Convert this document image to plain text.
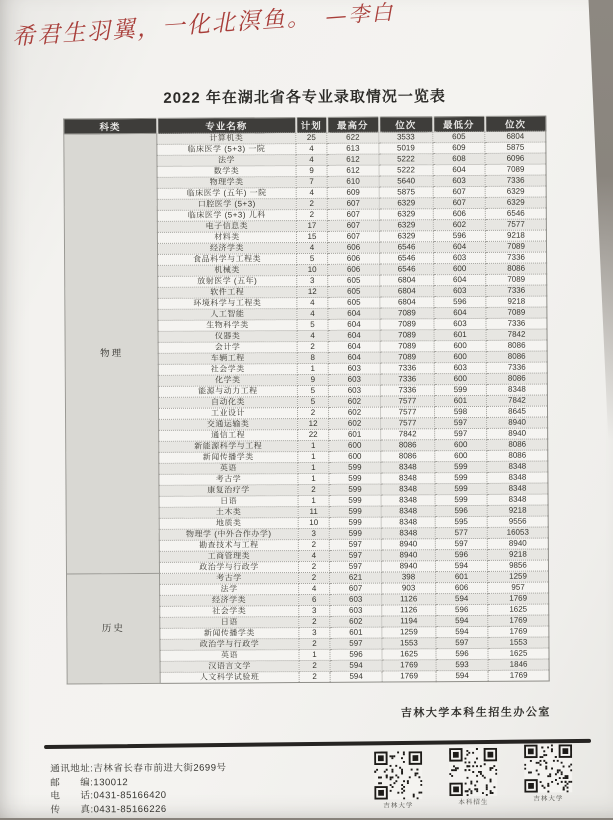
希君生羽翼，一化北溟鱼。 —李白
2022 年在湖北省各专业录取情况一览表
科类	专业名称	计划	最高分	位次	最低分	位次
物理	计算机类	25	622	3533	605	6804
	临床医学 (5+3) 一院	4	613	5019	609	5875
	法学	4	612	5222	608	6096
	数学类	9	612	5222	604	7089
	物理学类	7	610	5640	603	7336
	临床医学 (五年) 一院	4	609	5875	607	6329
	口腔医学 (5+3)	2	607	6329	607	6329
	临床医学 (5+3) 儿科	2	607	6329	606	6546
	电子信息类	17	607	6329	602	7577
	材料类	15	607	6329	596	9218
	经济学类	4	606	6546	604	7089
	食品科学与工程类	5	606	6546	603	7336
	机械类	10	606	6546	600	8086
	放射医学 (五年)	3	605	6804	604	7089
	软件工程	12	605	6804	603	7336
	环境科学与工程类	4	605	6804	596	9218
	人工智能	4	604	7089	604	7089
	生物科学类	5	604	7089	603	7336
	仪器类	4	604	7089	601	7842
	会计学	2	604	7089	600	8086
	车辆工程	8	604	7089	600	8086
	社会学类	1	603	7336	603	7336
	化学类	9	603	7336	600	8086
	能源与动力工程	5	603	7336	599	8348
	自动化类	5	602	7577	601	7842
	工业设计	2	602	7577	598	8645
	交通运输类	12	602	7577	597	8940
	通信工程	22	601	7842	597	8940
	新能源科学与工程	1	600	8086	600	8086
	新闻传播学类	1	600	8086	600	8086
	英语	1	599	8348	599	8348
	考古学	1	599	8348	599	8348
	康复治疗学	2	599	8348	599	8348
	日语	1	599	8348	599	8348
	土木类	11	599	8348	596	9218
	地质类	10	599	8348	595	9556
	物理学 (中外合作办学)	3	599	8348	577	16053
	勘查技术与工程	2	597	8940	597	8940
	工商管理类	4	597	8940	596	9218
	政治学与行政学	2	597	8940	594	9856
历史	考古学	2	621	398	601	1259
	法学	4	607	903	606	957
	经济学类	6	603	1126	594	1769
	社会学类	3	603	1126	596	1625
	日语	2	602	1194	594	1769
	新闻传播学类	3	601	1259	594	1769
	政治学与行政学	2	597	1553	597	1553
	英语	1	596	1625	596	1625
	汉语言文学	2	594	1769	593	1846
	人文科学试验班	2	594	1769	594	1769
吉林大学本科生招生办公室
通讯地址:吉林省长春市前进大街2699号
邮　　编:130012
电　　话:0431-85166420
传　　真:0431-85166226	吉林大学	本科招生	吉林大学
